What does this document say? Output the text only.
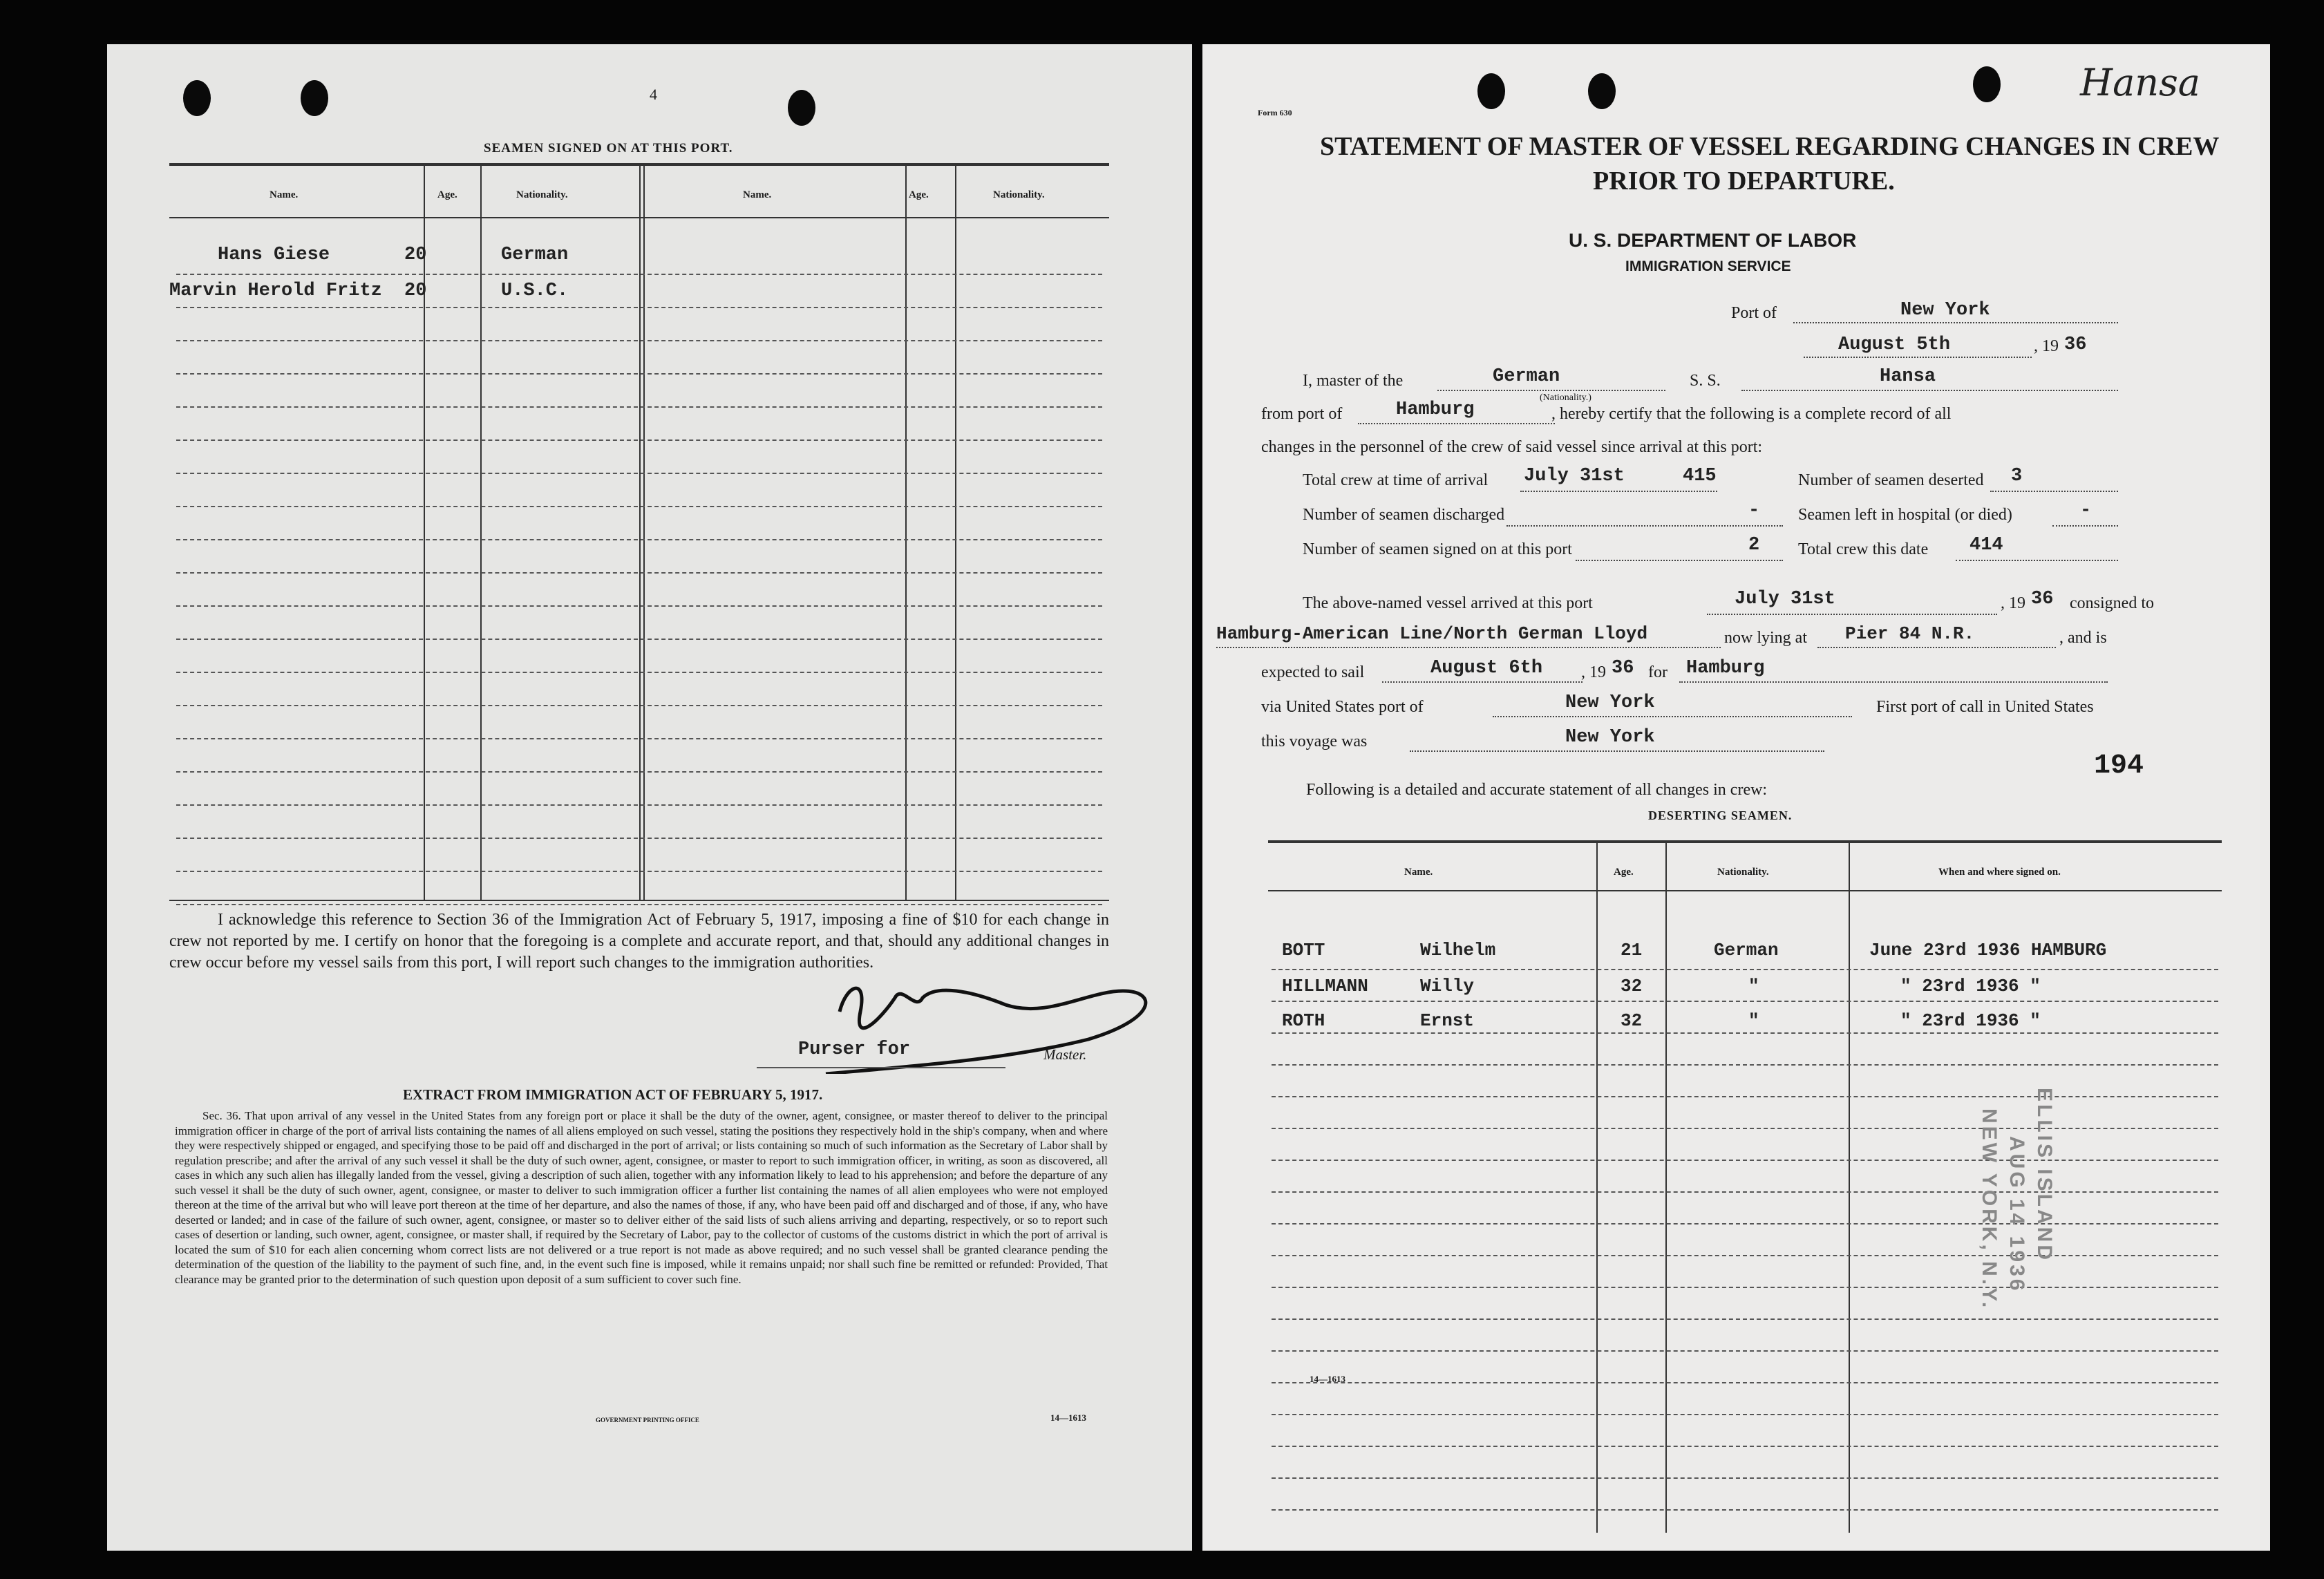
4
SEAMEN SIGNED ON AT THIS PORT.
Name.	Age.	Nationality.	Name.	Age.	Nationality.
Hans Giese	20	German
Marvin Herold Fritz 20	U.S.C.
I acknowledge this reference to Section 36 of the Immigration Act of February 5, 1917, imposing a fine of $10 for each change in crew not reported by me. I certify on honor that the foregoing is a complete and accurate report, and that, should any additional changes in crew occur before my vessel sails from this port, I will report such changes to the immigration authorities.
Purser for	Master.
EXTRACT FROM IMMIGRATION ACT OF FEBRUARY 5, 1917.
Sec. 36. That upon arrival of any vessel in the United States from any foreign port or place it shall be the duty of the owner, agent, consignee, or master thereof to deliver to the principal immigration officer in charge of the port of arrival lists containing the names of all aliens employed on such vessel, stating the positions they respectively hold in the ship's company, when and where they were respectively shipped or engaged, and specifying those to be paid off and discharged in the port of arrival; or lists containing so much of such information as the Secretary of Labor shall by regulation prescribe; and after the arrival of any such vessel it shall be the duty of such owner, agent, consignee, or master to report to such immigration officer, in writing, as soon as discovered, all cases in which any such alien has illegally landed from the vessel, giving a description of such alien, together with any information likely to lead to his apprehension; and before the departure of any such vessel it shall be the duty of such owner, agent, consignee, or master to deliver to such immigration officer a further list containing the names of all alien employees who were not employed thereon at the time of the arrival but who will leave port thereon at the time of her departure, and also the names of those, if any, who have been paid off and discharged and of those, if any, who have deserted or landed; and in case of the failure of such owner, agent, consignee, or master so to deliver either of the said lists of such aliens arriving and departing, respectively, or so to report such cases of desertion or landing, such owner, agent, consignee, or master shall, if required by the Secretary of Labor, pay to the collector of customs of the customs district in which the port of arrival is located the sum of $10 for each alien concerning whom correct lists are not delivered or a true report is not made as above required; and no such vessel shall be granted clearance pending the determination of the question of the liability to the payment of such fine, and, in the event such fine is imposed, while it remains unpaid; nor shall such fine be remitted or refunded: Provided, That clearance may be granted prior to the determination of such question upon deposit of a sum sufficient to cover such fine.
GOVERNMENT PRINTING OFFICE	14—1613
Form 630
Hansa
STATEMENT OF MASTER OF VESSEL REGARDING CHANGES IN CREW
PRIOR TO DEPARTURE.
U. S. DEPARTMENT OF LABOR
IMMIGRATION SERVICE
Port of	New York
August 5th	, 19 36
I, master of the	German
(Nationality.)
S. S.	Hansa
from port of	Hamburg	, hereby certify that the following is a complete record of all
changes in the personnel of the crew of said vessel since arrival at this port:
Total crew at time of arrival July 31st	415	Number of seamen deserted 3
Number of seamen discharged	- Seamen left in hospital (or died)	-
Number of seamen signed on at this port	2 Total crew this date 414
The above-named vessel arrived at this port	July 31st	, 19 36 consigned to
Hamburg-American Line/North German Lloyd	now lying at Pier 84 N.R.	, and is
expected to sail	August 6th , 19 36 for Hamburg
via United States port of	New York	First port of call in United States
this voyage was	New York
194
Following is a detailed and accurate statement of all changes in crew:
DESERTING SEAMEN.
Name.	Age.	Nationality.	When and where signed on.
BOTT	Wilhelm	21	German	June 23rd 1936 HAMBURG
HILLMANN	Willy	32	"	" 23rd 1936 "
ROTH	Ernst	32	"	" 23rd 1936 "
ELLIS ISLAND
AUG 14 1936
NEW YORK, N.Y.
14—1613
